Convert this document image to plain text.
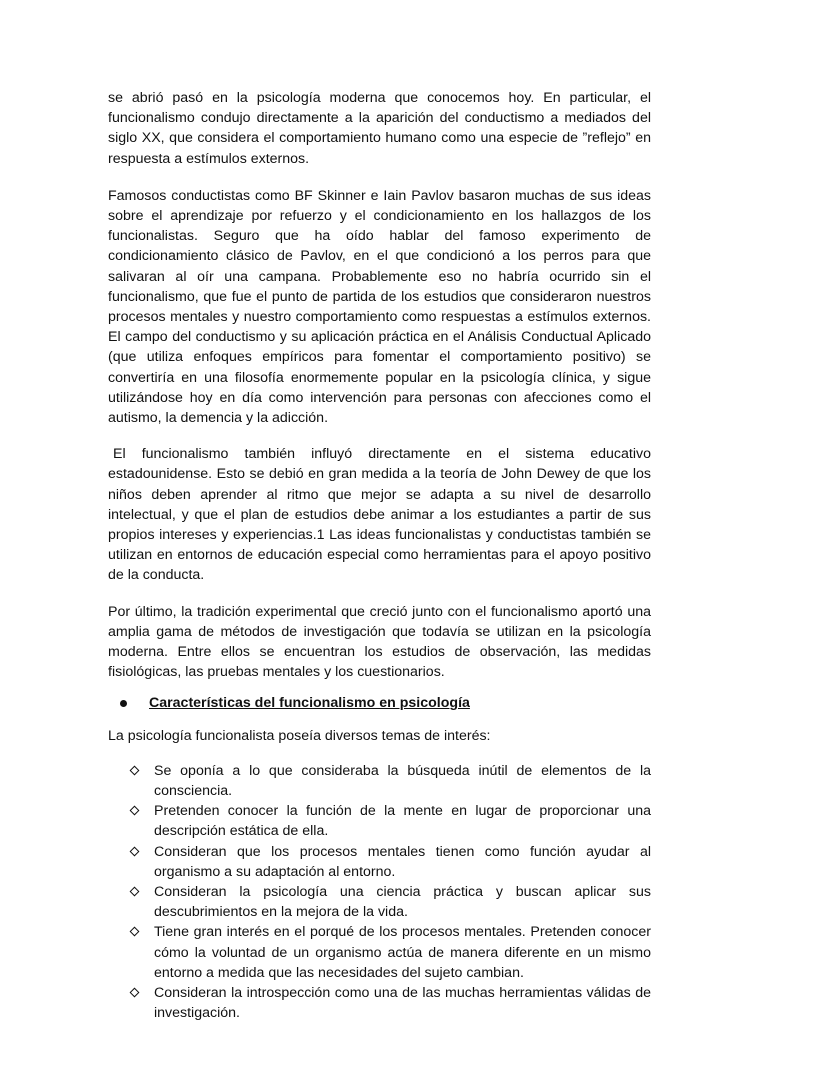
se abrió pasó en la psicología moderna que conocemos hoy. En particular, el funcionalismo condujo directamente a la aparición del conductismo a mediados del siglo XX, que considera el comportamiento humano como una especie de ”reflejo” en respuesta a estímulos externos.

Famosos conductistas como BF Skinner e Iain Pavlov basaron muchas de sus ideas sobre el aprendizaje por refuerzo y el condicionamiento en los hallazgos de los funcionalistas. Seguro que ha oído hablar del famoso experimento de condicionamiento clásico de Pavlov, en el que condicionó a los perros para que salivaran al oír una campana. Probablemente eso no habría ocurrido sin el funcionalismo, que fue el punto de partida de los estudios que consideraron nuestros procesos mentales y nuestro comportamiento como respuestas a estímulos externos. El campo del conductismo y su aplicación práctica en el Análisis Conductual Aplicado (que utiliza enfoques empíricos para fomentar el comportamiento positivo) se convertiría en una filosofía enormemente popular en la psicología clínica, y sigue utilizándose hoy en día como intervención para personas con afecciones como el autismo, la demencia y la adicción.

El funcionalismo también influyó directamente en el sistema educativo estadounidense. Esto se debió en gran medida a la teoría de John Dewey de que los niños deben aprender al ritmo que mejor se adapta a su nivel de desarrollo intelectual, y que el plan de estudios debe animar a los estudiantes a partir de sus propios intereses y experiencias.1 Las ideas funcionalistas y conductistas también se utilizan en entornos de educación especial como herramientas para el apoyo positivo de la conducta.

Por último, la tradición experimental que creció junto con el funcionalismo aportó una amplia gama de métodos de investigación que todavía se utilizan en la psicología moderna. Entre ellos se encuentran los estudios de observación, las medidas fisiológicas, las pruebas mentales y los cuestionarios.

Características del funcionalismo en psicología

La psicología funcionalista poseía diversos temas de interés:

Se oponía a lo que consideraba la búsqueda inútil de elementos de la consciencia.
Pretenden conocer la función de la mente en lugar de proporcionar una descripción estática de ella.
Consideran que los procesos mentales tienen como función ayudar al organismo a su adaptación al entorno.
Consideran la psicología una ciencia práctica y buscan aplicar sus descubrimientos en la mejora de la vida.
Tiene gran interés en el porqué de los procesos mentales. Pretenden conocer cómo la voluntad de un organismo actúa de manera diferente en un mismo entorno a medida que las necesidades del sujeto cambian.
Consideran la introspección como una de las muchas herramientas válidas de investigación.
